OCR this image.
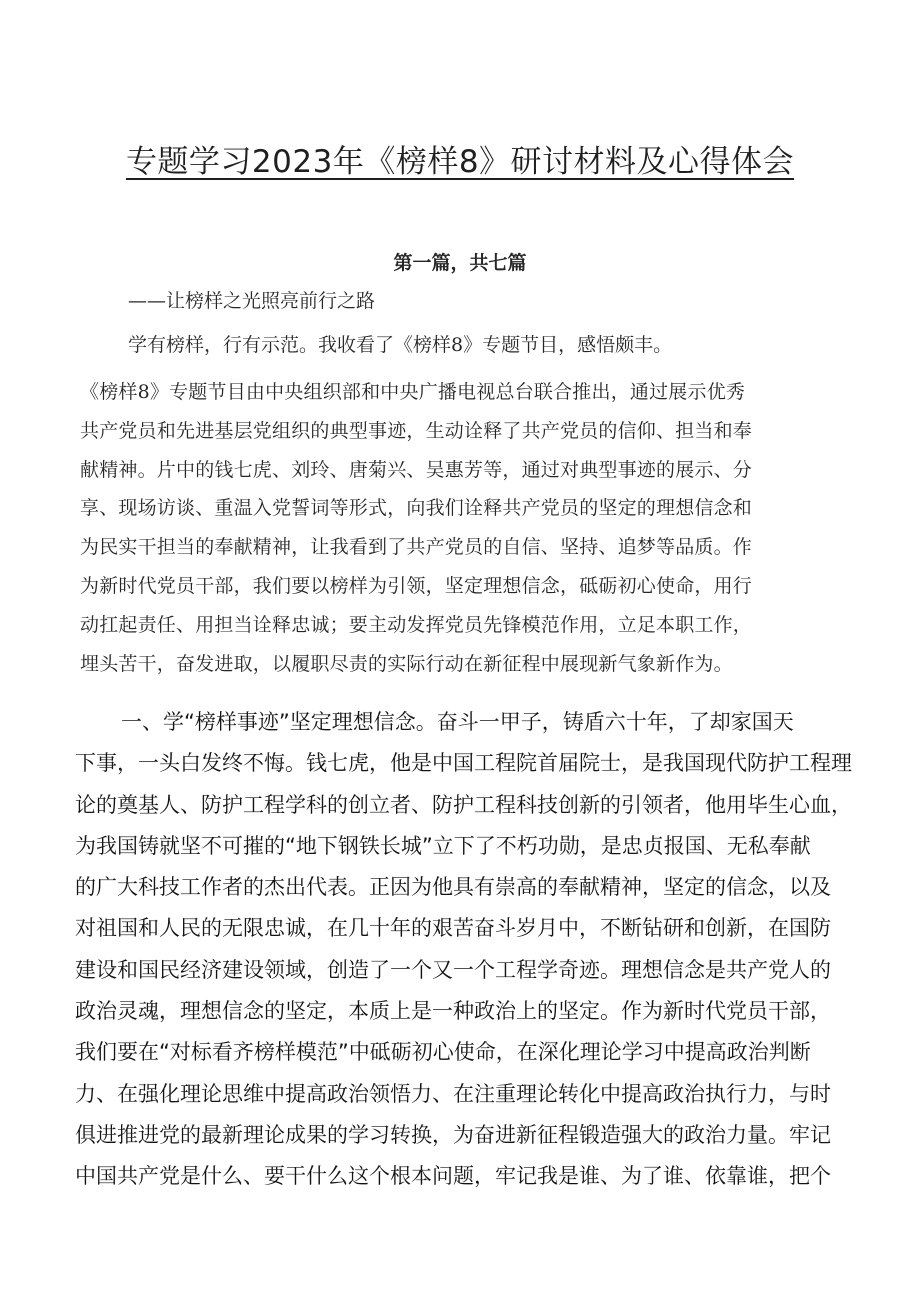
专题学习2023年《榜样8》研讨材料及心得体会
第一篇，共七篇
——让榜样之光照亮前行之路
学有榜样，行有示范。我收看了《榜样8》专题节目，感悟颇丰。
《榜样8》专题节目由中央组织部和中央广播电视总台联合推出，通过展示优秀
共产党员和先进基层党组织的典型事迹，生动诠释了共产党员的信仰、担当和奉
献精神。片中的钱七虎、刘玲、唐菊兴、吴惠芳等，通过对典型事迹的展示、分
享、现场访谈、重温入党誓词等形式，向我们诠释共产党员的坚定的理想信念和
为民实干担当的奉献精神，让我看到了共产党员的自信、坚持、追梦等品质。作
为新时代党员干部，我们要以榜样为引领，坚定理想信念，砥砺初心使命，用行
动扛起责任、用担当诠释忠诚；要主动发挥党员先锋模范作用，立足本职工作，
埋头苦干，奋发进取，以履职尽责的实际行动在新征程中展现新气象新作为。
一、学“榜样事迹”坚定理想信念。奋斗一甲子，铸盾六十年，了却家国天
下事，一头白发终不悔。钱七虎，他是中国工程院首届院士，是我国现代防护工程理
论的奠基人、防护工程学科的创立者、防护工程科技创新的引领者，他用毕生心血，
为我国铸就坚不可摧的“地下钢铁长城”立下了不朽功勋，是忠贞报国、无私奉献
的广大科技工作者的杰出代表。正因为他具有崇高的奉献精神，坚定的信念，以及
对祖国和人民的无限忠诚，在几十年的艰苦奋斗岁月中，不断钻研和创新，在国防
建设和国民经济建设领域，创造了一个又一个工程学奇迹。理想信念是共产党人的
政治灵魂，理想信念的坚定，本质上是一种政治上的坚定。作为新时代党员干部，
我们要在“对标看齐榜样模范”中砥砺初心使命，在深化理论学习中提高政治判断
力、在强化理论思维中提高政治领悟力、在注重理论转化中提高政治执行力，与时
俱进推进党的最新理论成果的学习转换，为奋进新征程锻造强大的政治力量。牢记
中国共产党是什么、要干什么这个根本问题，牢记我是谁、为了谁、依靠谁，把个
